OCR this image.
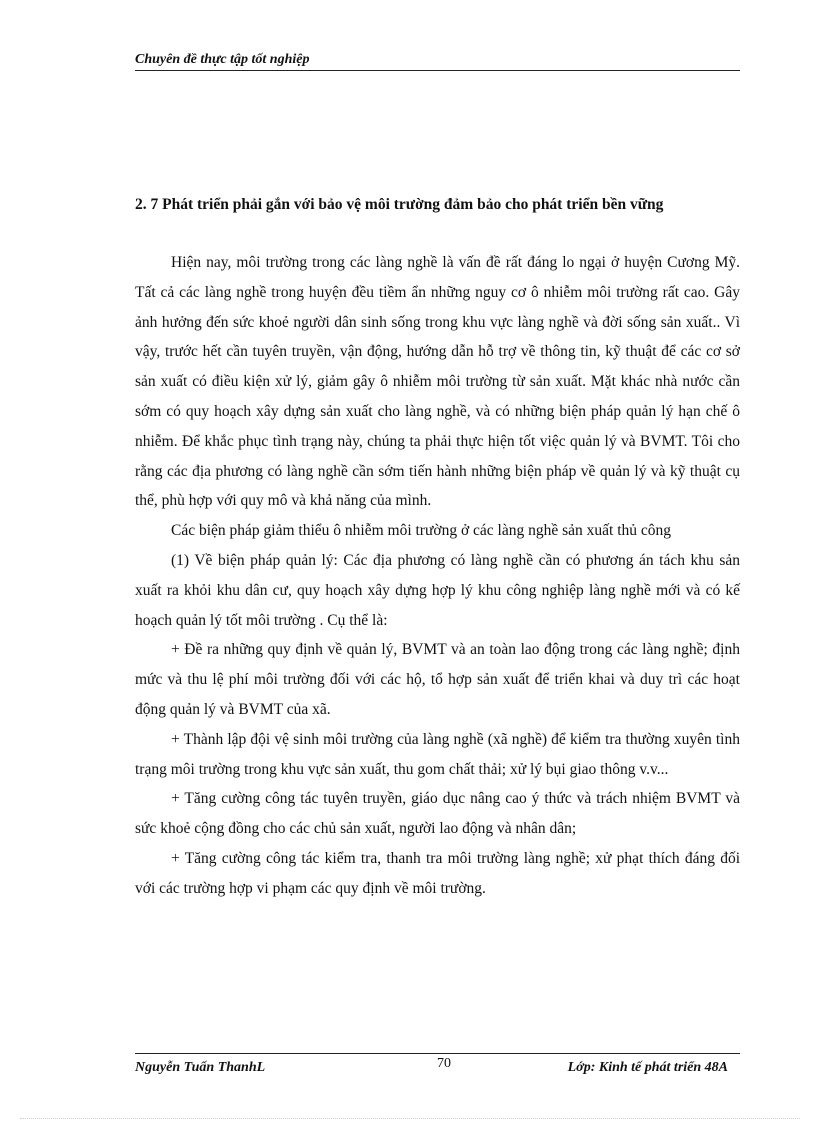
Chuyên đề thực tập tốt nghiệp
2. 7 Phát triển phải gắn với bảo vệ môi trường đảm bảo cho phát triển bền vững

Hiện nay, môi trường trong các làng nghề là vấn đề rất đáng lo ngại ở huyện Cương Mỹ. Tất cả các làng nghề trong huyện đều tiềm ẩn những nguy cơ ô nhiễm môi trường rất cao. Gây ảnh hưởng đến sức khoẻ người dân sinh sống trong khu vực làng nghề và đời sống sản xuất.. Vì vậy, trước hết cần tuyên truyền, vận động, hướng dẫn hỗ trợ về thông tin, kỹ thuật để các cơ sở sản xuất có điều kiện xử lý, giảm gây ô nhiễm môi trường từ sản xuất. Mặt khác nhà nước cần sớm có quy hoạch xây dựng sản xuất cho làng nghề, và có những biện pháp quản lý hạn chế ô nhiễm. Để khắc phục tình trạng này, chúng ta phải thực hiện tốt việc quản lý và BVMT. Tôi cho rằng các địa phương có làng nghề cần sớm tiến hành những biện pháp về quản lý và kỹ thuật cụ thể, phù hợp với quy mô và khả năng của mình.

Các biện pháp giảm thiểu ô nhiễm môi trường ở các làng nghề sản xuất thủ công

(1) Về biện pháp quản lý: Các địa phương có làng nghề cần có phương án tách khu sản xuất ra khỏi khu dân cư, quy hoạch xây dựng hợp lý khu công nghiệp làng nghề mới và có kế hoạch quản lý tốt môi trường . Cụ thể là:

+ Đề ra những quy định về quản lý, BVMT và an toàn lao động trong các làng nghề; định mức và thu lệ phí môi trường đối với các hộ, tổ hợp sản xuất để triển khai và duy trì các hoạt động quản lý và BVMT của xã.

+ Thành lập đội vệ sinh môi trường của làng nghề (xã nghề) để kiểm tra thường xuyên tình trạng môi trường trong khu vực sản xuất, thu gom chất thải; xử lý bụi giao thông v.v...

+ Tăng cường công tác tuyên truyền, giáo dục nâng cao ý thức và trách nhiệm BVMT và sức khoẻ cộng đồng cho các chủ sản xuất, người lao động và nhân dân;

+ Tăng cường công tác kiểm tra, thanh tra môi trường làng nghề; xử phạt thích đáng đối với các trường hợp vi phạm các quy định về môi trường.

Nguyễn Tuấn ThanhL	70	Lớp: Kinh tế phát triển 48A
